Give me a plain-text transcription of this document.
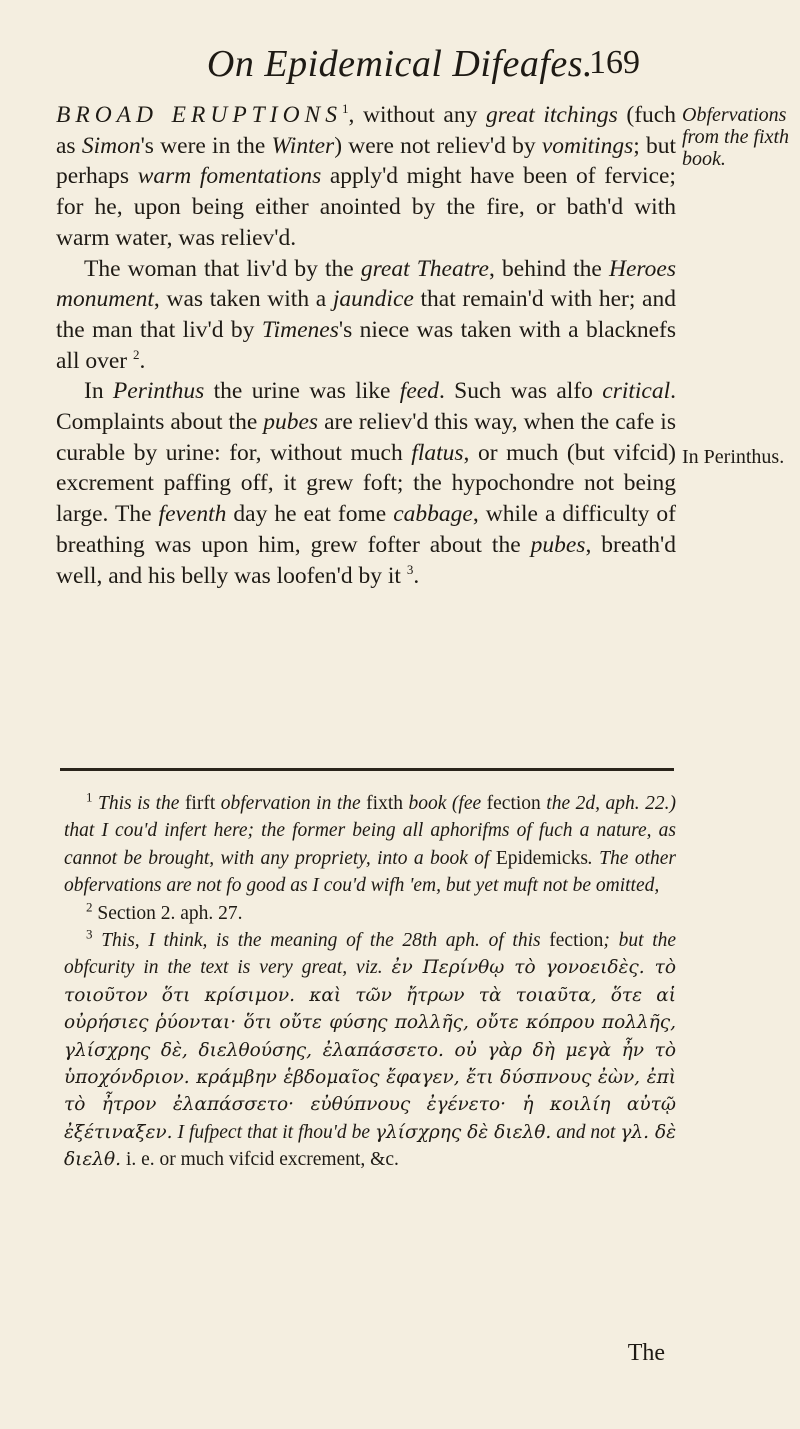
On Epidemical Difeafes.
169

BROAD ERUPTIONS$^1$, without any great itchings (fuch as Simon's were in the Winter) were not reliev'd by vomitings; but perhaps warm fomentations apply'd might have been of fervice; for he, upon being either anointed by the fire, or bath'd with warm water, was reliev'd.

The woman that liv'd by the great Theatre, behind the Heroes monument, was taken with a jaundice that remain'd with her; and the man that liv'd by Timenes's niece was taken with a blacknefs all over $^2$.

In Perinthus the urine was like feed. Such was alfo critical. Complaints about the pubes are reliev'd this way, when the cafe is curable by urine: for, without much flatus, or much (but vifcid) excrement paffing off, it grew foft; the hypochondre not being large. The feventh day he eat fome cabbage, while a difficulty of breathing was upon him, grew fofter about the pubes, breath'd well, and his belly was loofen'd by it $^3$.

Obfervations from the fixth book.
In Perinthus.

$^1$ This is the firft obfervation in the fixth book (fee fection the 2d, aph. 22.) that I cou'd infert here; the former being all aphorifms of fuch a nature, as cannot be brought, with any propriety, into a book of Epidemicks. The other obfervations are not fo good as I cou'd wifh 'em, but yet muft not be omitted,

$^2$ Section 2. aph. 27.

$^3$ This, I think, is the meaning of the 28th aph. of this fection; but the obfcurity in the text is very great, viz. ἐν Περίνθῳ τὸ γονοειδὲς. τὸ τοιοῦτον ὅτι κρίσιμον. καὶ τῶν ἤτρων τὰ τοιαῦτα, ὅτε αἱ οὐρήσιες ῥύονται· ὅτι οὔτε φύσης πολλῆς, οὔτε κόπρου πολλῆς, γλίσχρης δὲ, διελθούσης, ἐλαπάσσετο. οὐ γὰρ δὴ μεγὰ ἦν τὸ ὑποχόνδριον. κράμβην ἑβδομαῖος ἔφαγεν, ἔτι δύσπνους ἐὼν, ἐπὶ τὸ ἦτρον ἐλαπάσσετο· εὐθύπνους ἐγένετο· ἡ κοιλίη αὐτῷ ἐξέτιναξεν. I fufpect that it fhou'd be γλίσχρης δὲ διελθ. and not γλ. δὲ διελθ. i. e. or much vifcid excrement, &c.

The
